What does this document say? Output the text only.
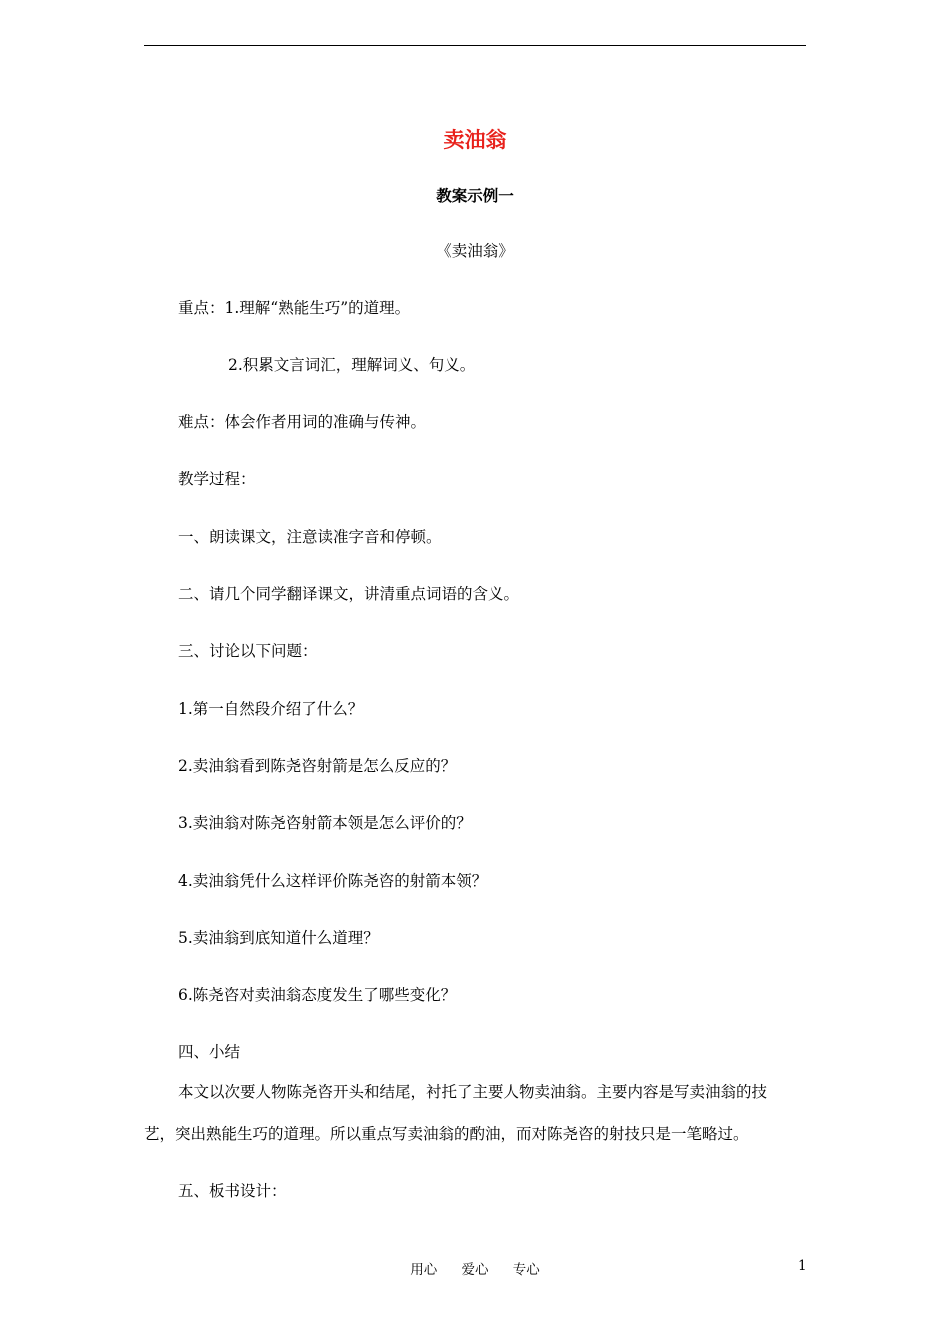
卖油翁
教案示例一
《卖油翁》
重点：1.理解“熟能生巧”的道理。
2.积累文言词汇，理解词义、句义。
难点：体会作者用词的准确与传神。
教学过程：
一、朗读课文，注意读准字音和停顿。
二、请几个同学翻译课文，讲清重点词语的含义。
三、讨论以下问题：
1.第一自然段介绍了什么？
2.卖油翁看到陈尧咨射箭是怎么反应的？
3.卖油翁对陈尧咨射箭本领是怎么评价的？
4.卖油翁凭什么这样评价陈尧咨的射箭本领？
5.卖油翁到底知道什么道理？
6.陈尧咨对卖油翁态度发生了哪些变化？
四、小结
本文以次要人物陈尧咨开头和结尾，衬托了主要人物卖油翁。主要内容是写卖油翁的技
艺，突出熟能生巧的道理。所以重点写卖油翁的酌油，而对陈尧咨的射技只是一笔略过。
五、板书设计：
用心 爱心 专心	1
